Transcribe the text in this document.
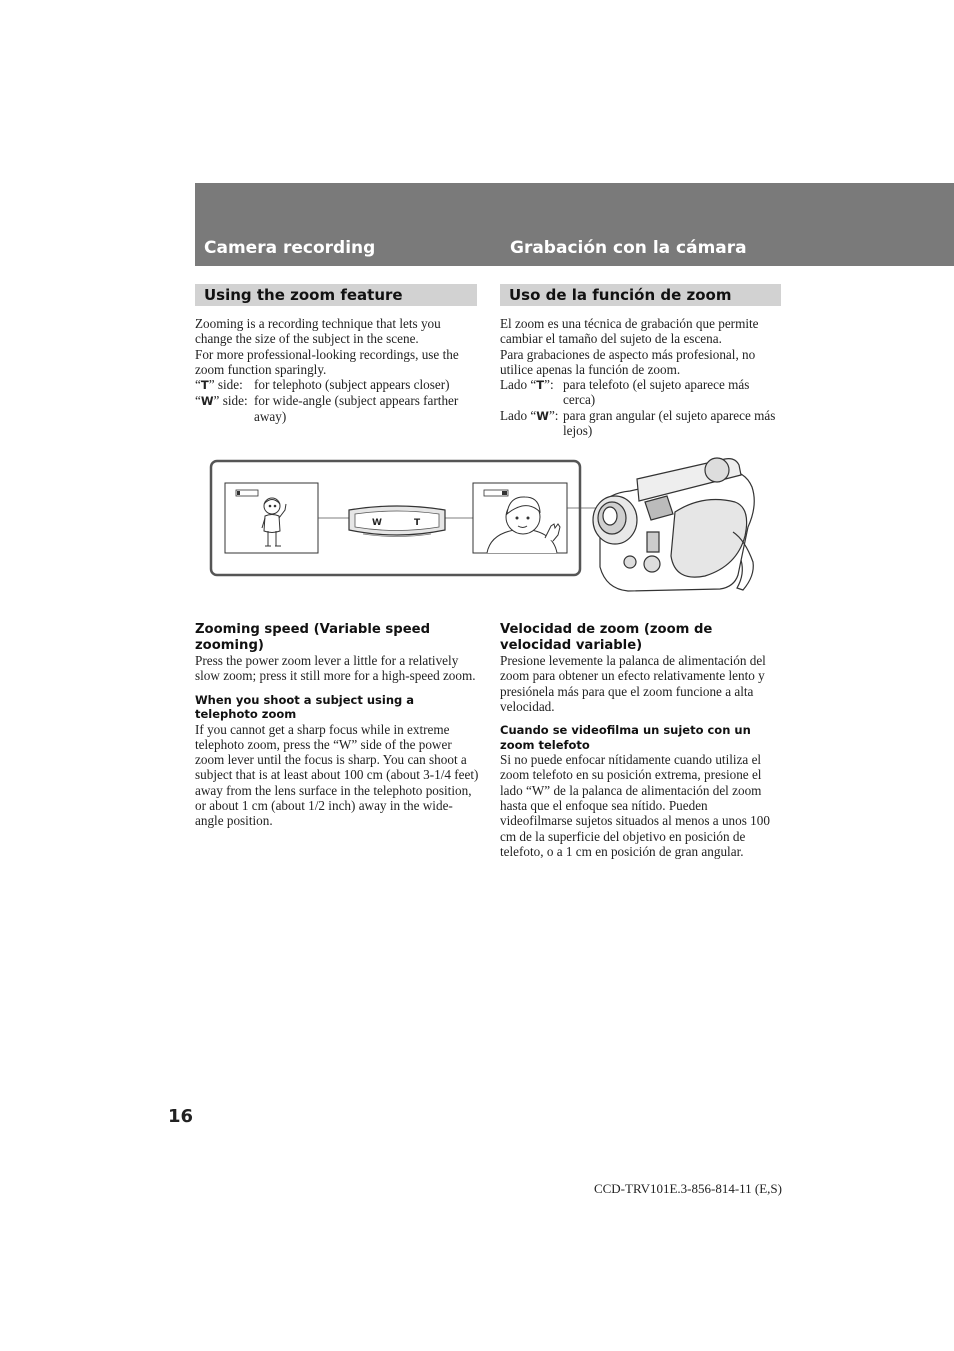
Camera recording	Grabación con la cámara
Using the zoom feature	Uso de la función de zoom

Zooming is a recording technique that lets you change the size of the subject in the scene.

For more professional-looking recordings, use the zoom function sparingly.

“T” side: for telephoto (subject appears closer)
“W” side: for wide-angle (subject appears farther away)

El zoom es una técnica de grabación que permite cambiar el tamaño del sujeto de la escena.

Para grabaciones de aspecto más profesional, no utilice apenas la función de zoom.

Lado “T”: para telefoto (el sujeto aparece más cerca)
Lado “W”: para gran angular (el sujeto aparece más lejos)
W	T
Zooming speed (Variable speed zooming)
Press the power zoom lever a little for a relatively slow zoom; press it still more for a high-speed zoom.
When you shoot a subject using a telephoto zoom
If you cannot get a sharp focus while in extreme telephoto zoom, press the “W” side of the power zoom lever until the focus is sharp. You can shoot a subject that is at least about 100 cm (about 3-1/4 feet) away from the lens surface in the telephoto position, or about 1 cm (about 1/2 inch) away in the wide-angle position.
Velocidad de zoom (zoom de velocidad variable)
Presione levemente la palanca de alimentación del zoom para obtener un efecto relativamente lento y presiónela más para que el zoom funcione a alta velocidad.
Cuando se videofilma un sujeto con un zoom telefoto
Si no puede enfocar nítidamente cuando utiliza el zoom telefoto en su posición extrema, presione el lado “W” de la palanca de alimentación del zoom hasta que el enfoque sea nítido. Pueden videofilmarse sujetos situados al menos a unos 100 cm de la superficie del objetivo en posición de telefoto, o a 1 cm en posición de gran angular.
16
CCD-TRV101E.3-856-814-11 (E,S)
